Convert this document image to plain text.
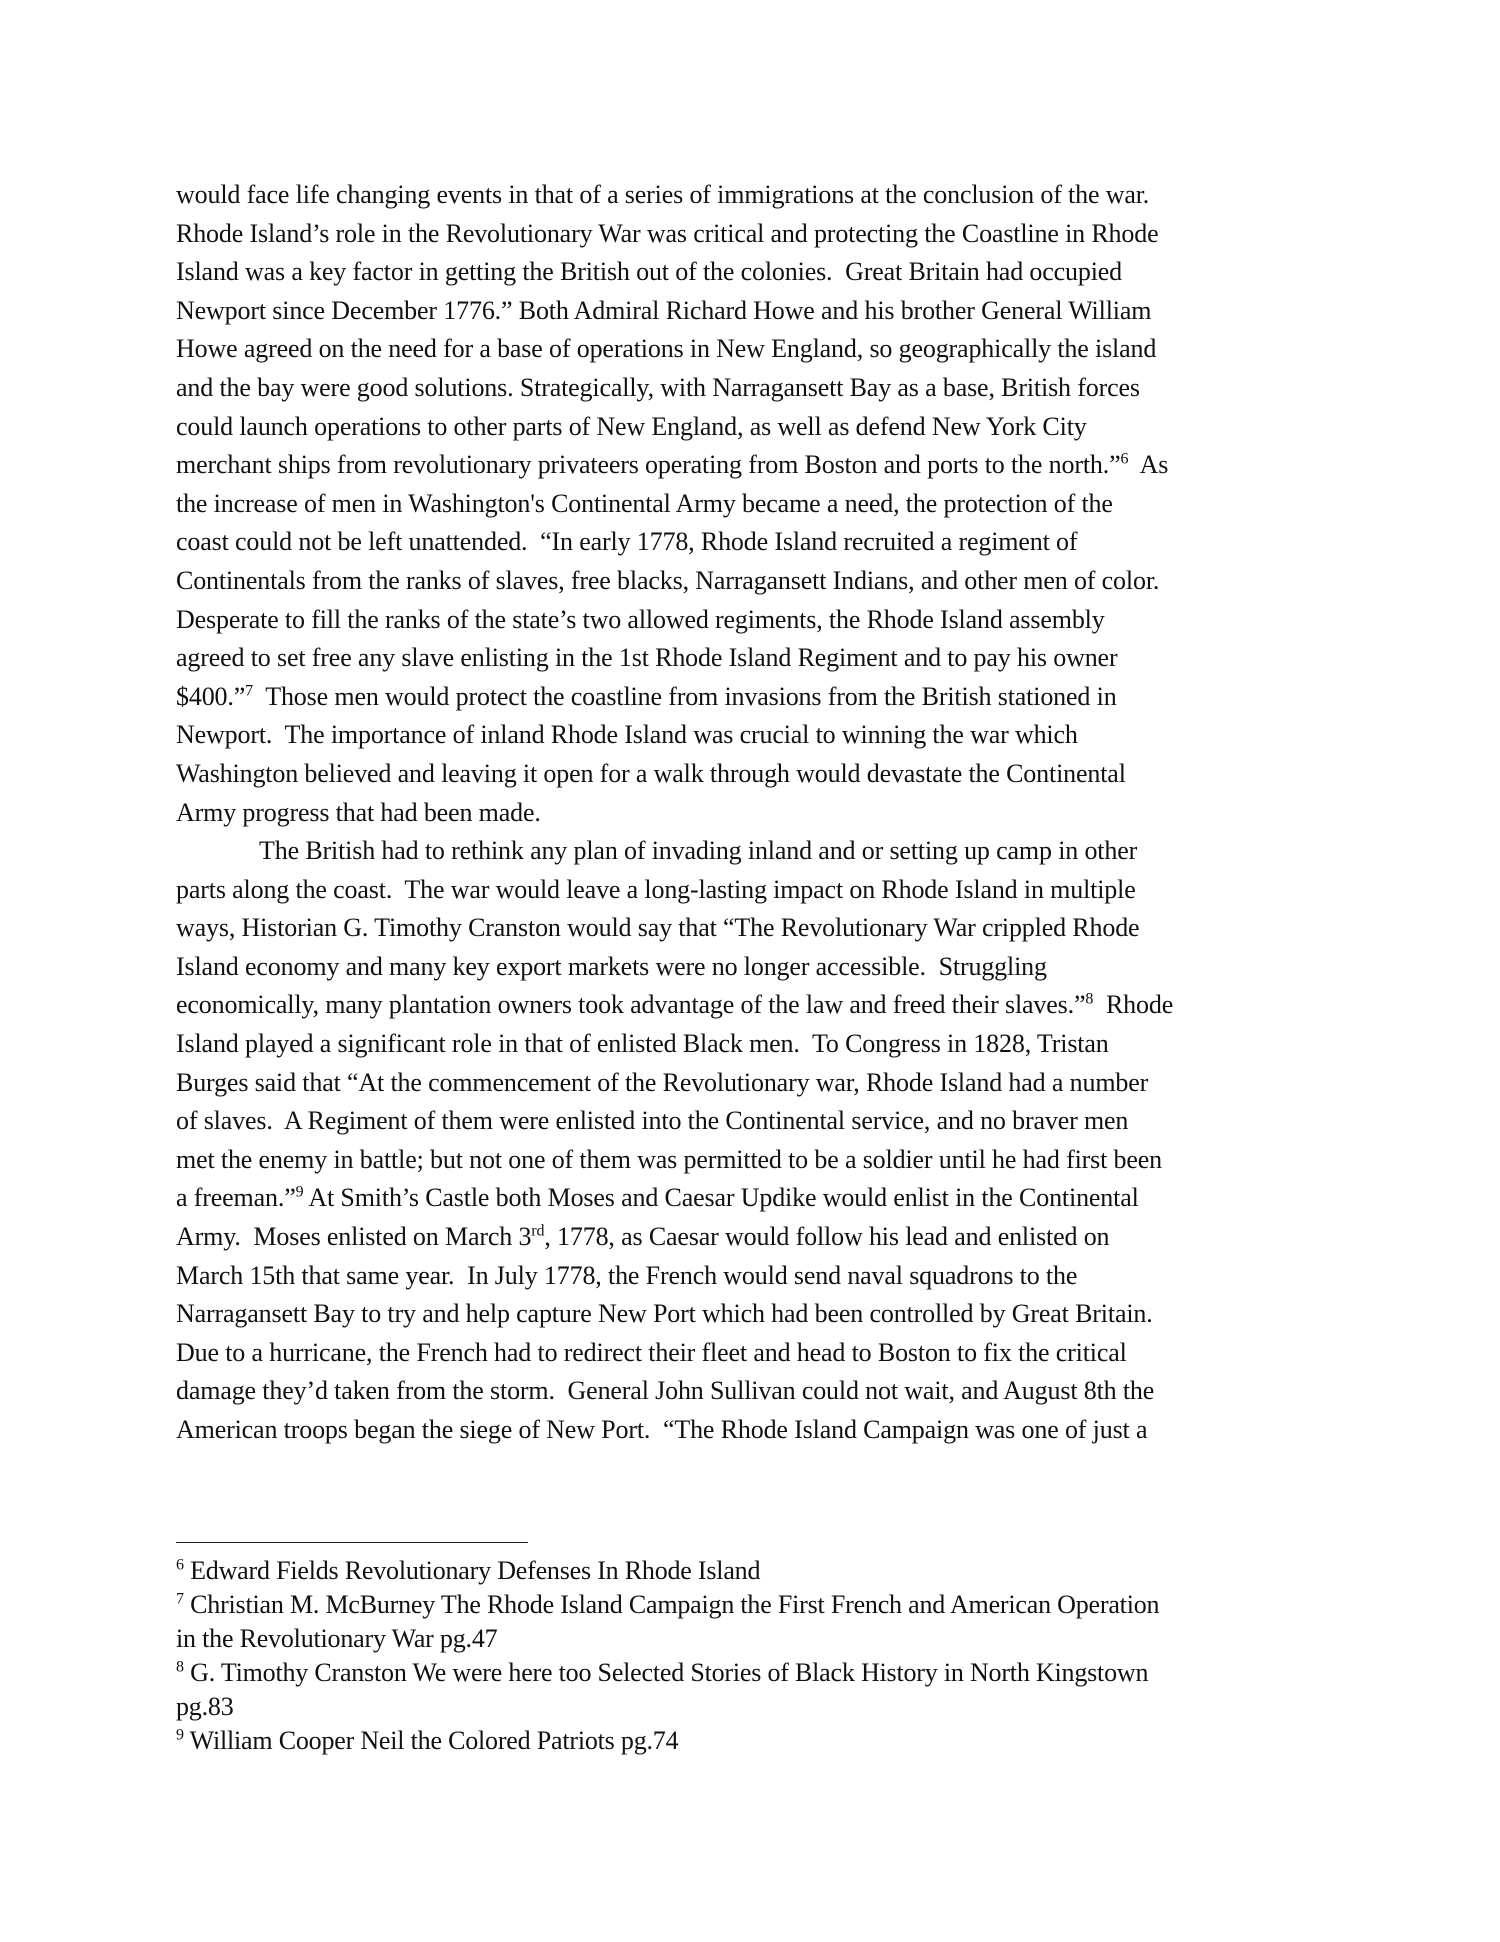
would face life changing events in that of a series of immigrations at the conclusion of the war.
Rhode Island’s role in the Revolutionary War was critical and protecting the Coastline in Rhode
Island was a key factor in getting the British out of the colonies.  Great Britain had occupied
Newport since December 1776.” Both Admiral Richard Howe and his brother General William
Howe agreed on the need for a base of operations in New England, so geographically the island
and the bay were good solutions. Strategically, with Narragansett Bay as a base, British forces
could launch operations to other parts of New England, as well as defend New York City
merchant ships from revolutionary privateers operating from Boston and ports to the north.”$^6$  As
the increase of men in Washington's Continental Army became a need, the protection of the
coast could not be left unattended.  “In early 1778, Rhode Island recruited a regiment of
Continentals from the ranks of slaves, free blacks, Narragansett Indians, and other men of color.
Desperate to fill the ranks of the state’s two allowed regiments, the Rhode Island assembly
agreed to set free any slave enlisting in the 1st Rhode Island Regiment and to pay his owner
$400.”$^7$  Those men would protect the coastline from invasions from the British stationed in
Newport.  The importance of inland Rhode Island was crucial to winning the war which
Washington believed and leaving it open for a walk through would devastate the Continental
Army progress that had been made.
The British had to rethink any plan of invading inland and or setting up camp in other
parts along the coast.  The war would leave a long-lasting impact on Rhode Island in multiple
ways, Historian G. Timothy Cranston would say that “The Revolutionary War crippled Rhode
Island economy and many key export markets were no longer accessible.  Struggling
economically, many plantation owners took advantage of the law and freed their slaves.”$^8$  Rhode
Island played a significant role in that of enlisted Black men.  To Congress in 1828, Tristan
Burges said that “At the commencement of the Revolutionary war, Rhode Island had a number
of slaves.  A Regiment of them were enlisted into the Continental service, and no braver men
met the enemy in battle; but not one of them was permitted to be a soldier until he had first been
a freeman.”$^9$ At Smith’s Castle both Moses and Caesar Updike would enlist in the Continental
Army.  Moses enlisted on March 3rd, 1778, as Caesar would follow his lead and enlisted on
March 15th that same year.  In July 1778, the French would send naval squadrons to the
Narragansett Bay to try and help capture New Port which had been controlled by Great Britain.
Due to a hurricane, the French had to redirect their fleet and head to Boston to fix the critical
damage they’d taken from the storm.  General John Sullivan could not wait, and August 8th the
American troops began the siege of New Port.  “The Rhode Island Campaign was one of just a
$^6$ Edward Fields Revolutionary Defenses In Rhode Island
$^7$ Christian M. McBurney The Rhode Island Campaign the First French and American Operation
in the Revolutionary War pg.47
$^8$ G. Timothy Cranston We were here too Selected Stories of Black History in North Kingstown
pg.83
$^9$ William Cooper Neil the Colored Patriots pg.74
